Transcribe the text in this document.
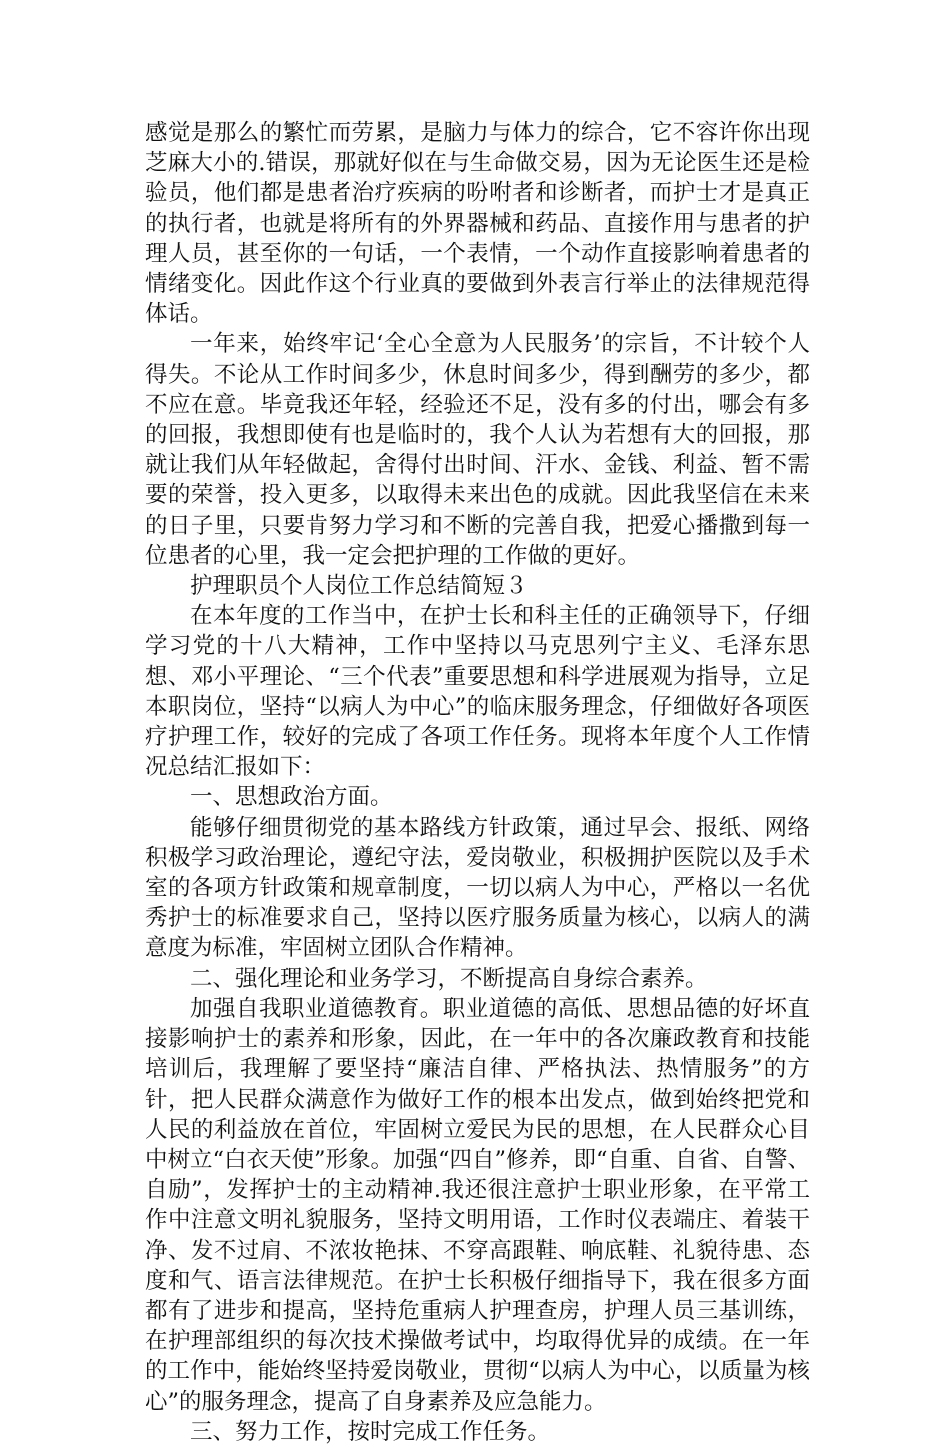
感觉是那么的繁忙而劳累，是脑力与体力的综合，它不容许你出现芝麻大小的.错误，那就好似在与生命做交易，因为无论医生还是检验员，他们都是患者治疗疾病的吩咐者和诊断者，而护士才是真正的执行者，也就是将所有的外界器械和药品、直接作用与患者的护理人员，甚至你的一句话，一个表情，一个动作直接影响着患者的情绪变化。因此作这个行业真的要做到外表言行举止的法律规范得体话。

一年来，始终牢记‘全心全意为人民服务’的宗旨，不计较个人得失。不论从工作时间多少，休息时间多少，得到酬劳的多少，都不应在意。毕竟我还年轻，经验还不足，没有多的付出，哪会有多的回报，我想即使有也是临时的，我个人认为若想有大的回报，那就让我们从年轻做起，舍得付出时间、汗水、金钱、利益、暂不需要的荣誉，投入更多，以取得未来出色的成就。因此我坚信在未来的日子里，只要肯努力学习和不断的完善自我，把爱心播撒到每一位患者的心里，我一定会把护理的工作做的更好。

护理职员个人岗位工作总结简短３

在本年度的工作当中，在护士长和科主任的正确领导下，仔细学习党的十八大精神，工作中坚持以马克思列宁主义、毛泽东思想、邓小平理论、“三个代表”重要思想和科学进展观为指导，立足本职岗位，坚持“以病人为中心”的临床服务理念，仔细做好各项医疗护理工作，较好的完成了各项工作任务。现将本年度个人工作情况总结汇报如下：

一、思想政治方面。

能够仔细贯彻党的基本路线方针政策，通过早会、报纸、网络积极学习政治理论，遵纪守法，爱岗敬业，积极拥护医院以及手术室的各项方针政策和规章制度，一切以病人为中心，严格以一名优秀护士的标准要求自己，坚持以医疗服务质量为核心，以病人的满意度为标准，牢固树立团队合作精神。

二、强化理论和业务学习，不断提高自身综合素养。

加强自我职业道德教育。职业道德的高低、思想品德的好坏直接影响护士的素养和形象，因此，在一年中的各次廉政教育和技能培训后，我理解了要坚持“廉洁自律、严格执法、热情服务”的方针，把人民群众满意作为做好工作的根本出发点，做到始终把党和人民的利益放在首位，牢固树立爱民为民的思想，在人民群众心目中树立“白衣天使”形象。加强“四自”修养，即“自重、自省、自警、自励”，发挥护士的主动精神.我还很注意护士职业形象，在平常工作中注意文明礼貌服务，坚持文明用语，工作时仪表端庄、着装干净、发不过肩、不浓妆艳抹、不穿高跟鞋、响底鞋、礼貌待患、态度和气、语言法律规范。在护士长积极仔细指导下，我在很多方面都有了进步和提高，坚持危重病人护理查房，护理人员三基训练，在护理部组织的每次技术操做考试中，均取得优异的成绩。在一年的工作中，能始终坚持爱岗敬业，贯彻“以病人为中心，以质量为核心”的服务理念，提高了自身素养及应急能力。

三、努力工作，按时完成工作任务。
